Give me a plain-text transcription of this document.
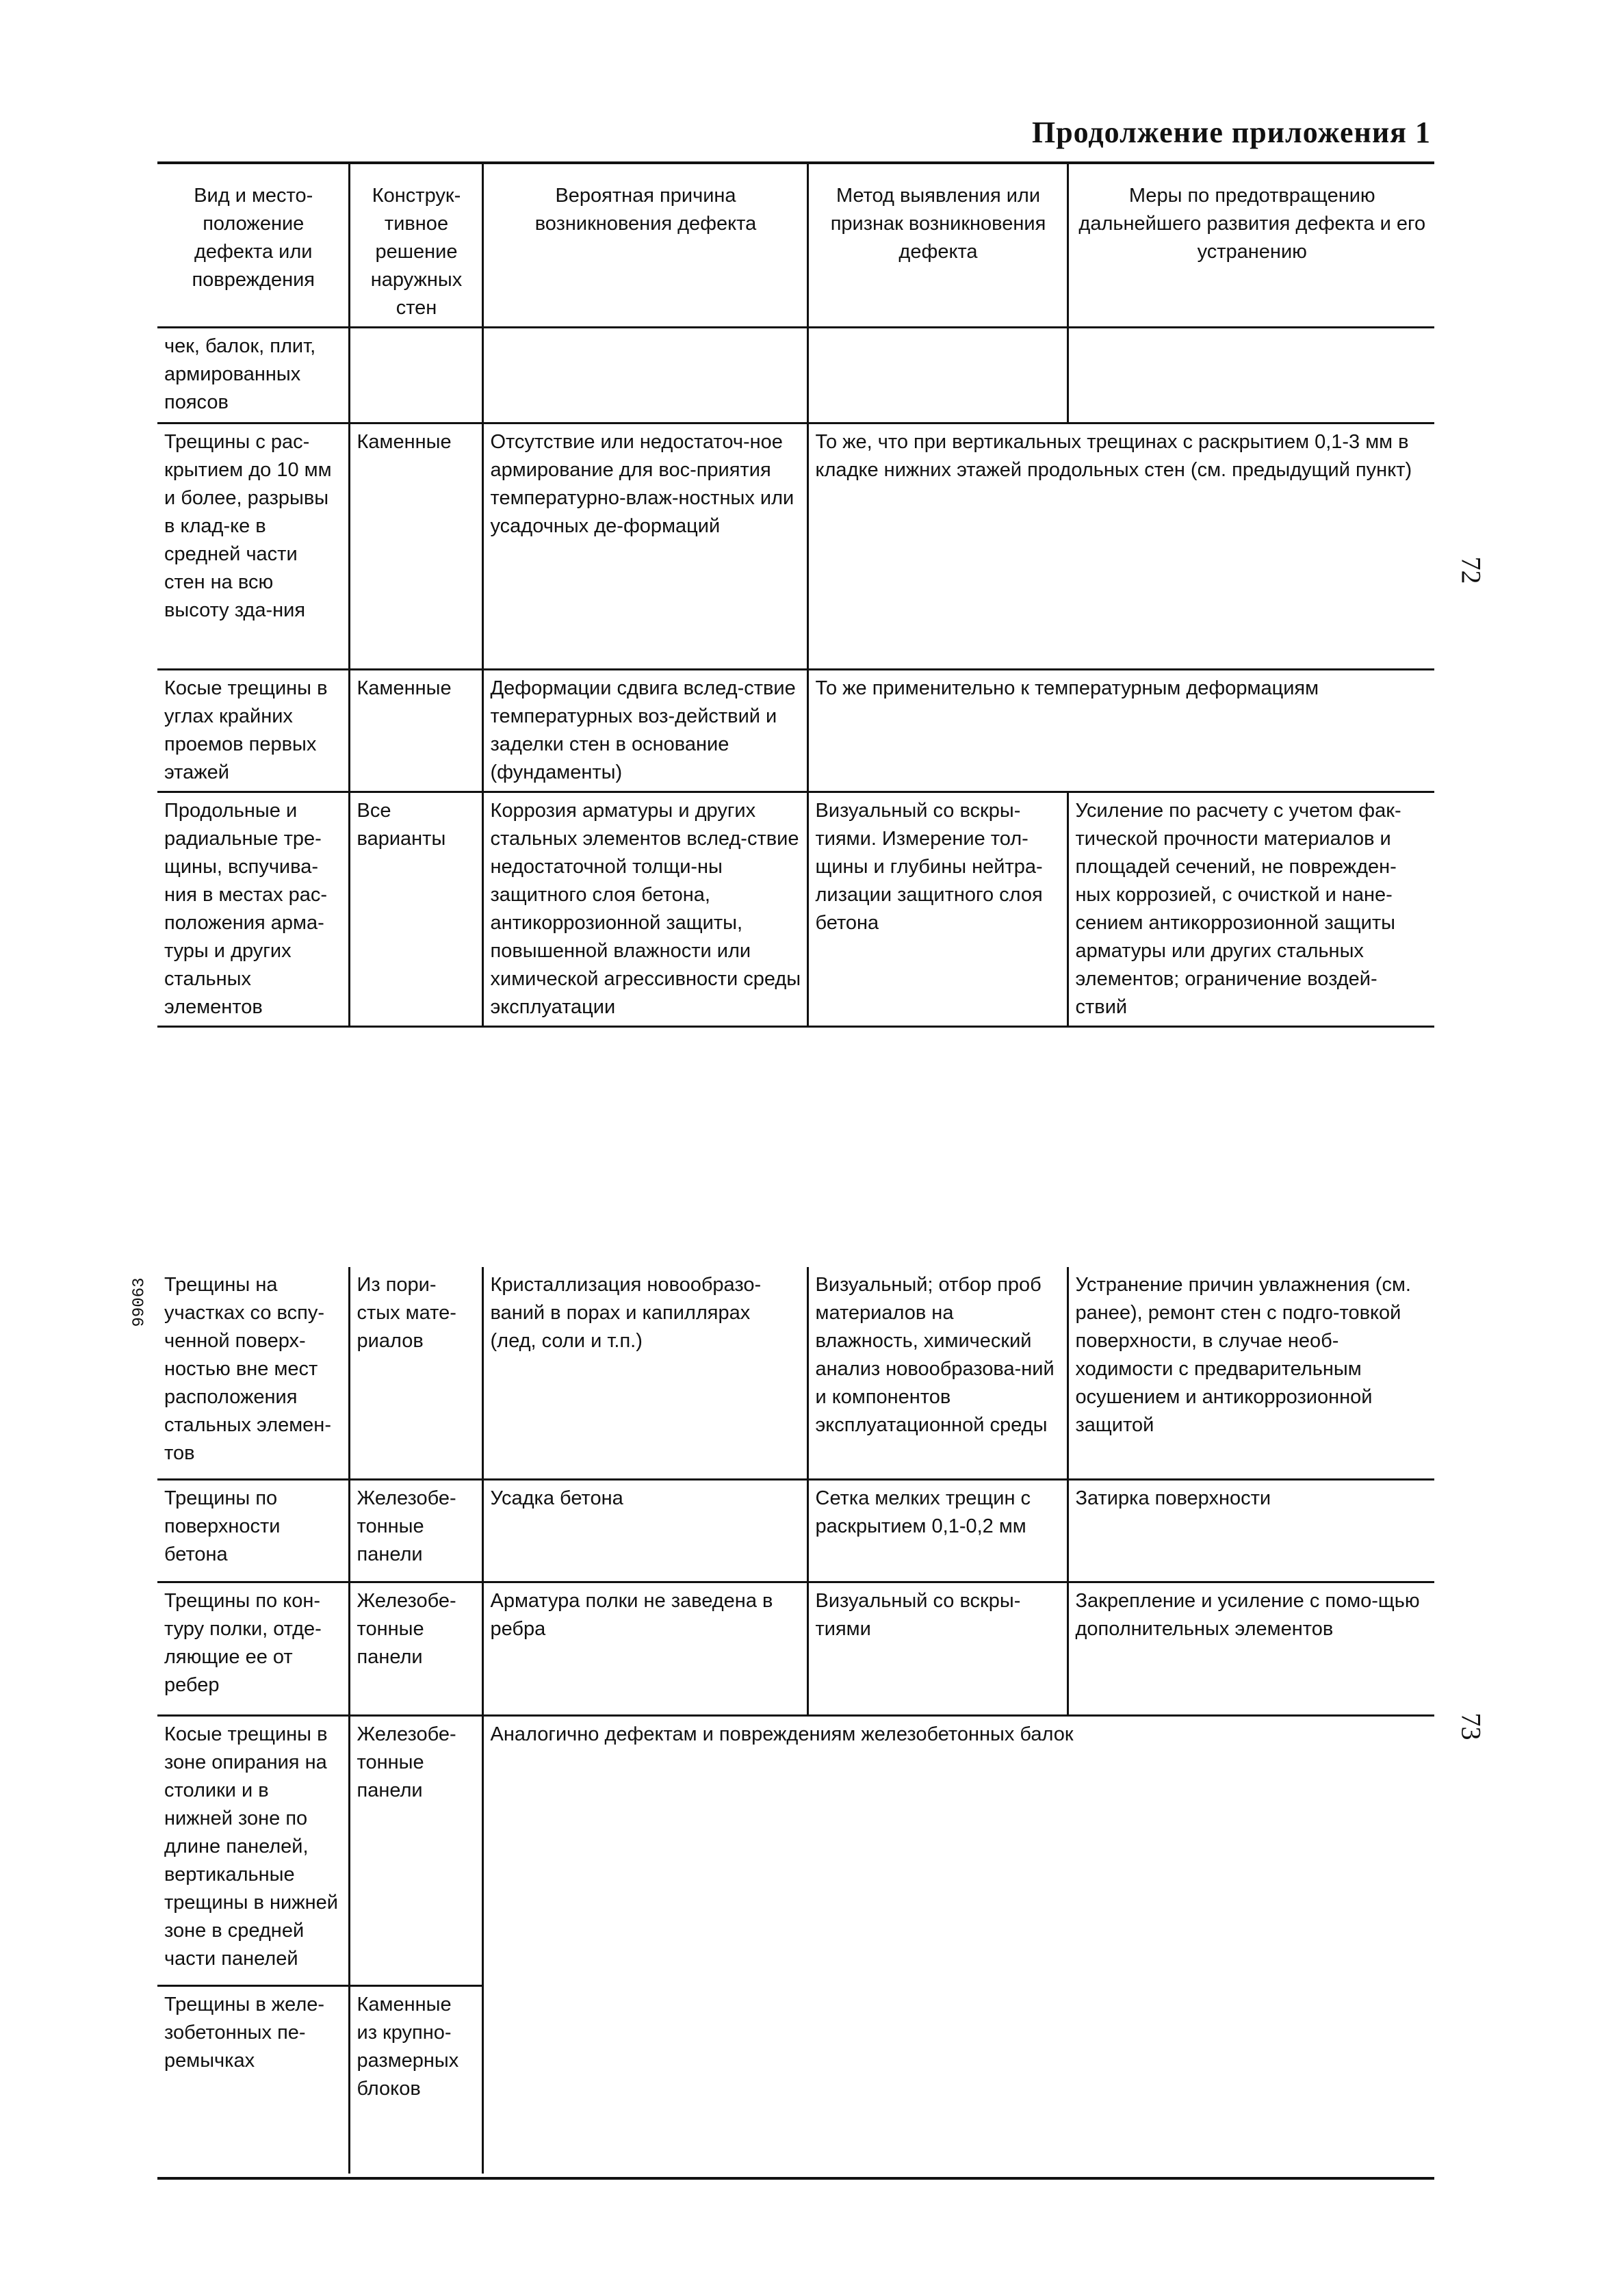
Продолжение приложения 1
Вид и место-положение дефекта или повреждения	Конструк-тивное решение наружных стен	Вероятная причина возникновения дефекта	Метод выявления или признак возникновения дефекта	Меры по предотвращению дальнейшего развития дефекта и его устранению
чек, балок, плит, армированных поясов				
Трещины с рас-крытием до 10 мм и более, разрывы в клад-ке в средней части стен на всю высоту зда-ния	Каменные	Отсутствие или недостаточ-ное армирование для вос-приятия температурно-влаж-ностных или усадочных де-формаций	То же, что при вертикальных трещинах с раскрытием 0,1-3 мм в кладке нижних этажей продольных стен (см. предыдущий пункт)	
Косые трещины в углах крайних проемов первых этажей	Каменные	Деформации сдвига вслед-ствие температурных воз-действий и заделки стен в основание (фундаменты)	То же применительно к температурным деформациям	
Продольные и радиальные тре-щины, вспучива-ния в местах рас-положения арма-туры и других стальных элементов	Все варианты	Коррозия арматуры и других стальных элементов вслед-ствие недостаточной толщи-ны защитного слоя бетона, антикоррозионной защиты, повышенной влажности или химической агрессивности среды эксплуатации	Визуальный со вскры-тиями. Измерение тол-щины и глубины нейтра-лизации защитного слоя бетона	Усиление по расчету с учетом фак-тической прочности материалов и площадей сечений, не поврежден-ных коррозией, с очисткой и нане-сением антикоррозионной защиты арматуры или других стальных элементов; ограничение воздей-ствий
Трещины на участках со вспу-ченной поверх-ностью вне мест расположения стальных элемен-тов	Из пори-стых мате-риалов	Кристаллизация новообразо-ваний в порах и капиллярах (лед, соли и т.п.)	Визуальный; отбор проб материалов на влажность, химический анализ новообразова-ний и компонентов эксплуатационной среды	Устранение причин увлажнения (см. ранее), ремонт стен с подго-товкой поверхности, в случае необ-ходимости с предварительным осушением и антикоррозионной защитой
Трещины по поверхности бетона	Железобе-тонные панели	Усадка бетона	Сетка мелких трещин с раскрытием 0,1-0,2 мм	Затирка поверхности
Трещины по кон-туру полки, отде-ляющие ее от ребер	Железобе-тонные панели	Арматура полки не заведена в ребра	Визуальный со вскры-тиями	Закрепление и усиление с помо-щью дополнительных элементов
Косые трещины в зоне опирания на столики и в нижней зоне по длине панелей, вертикальные трещины в нижней зоне в средней части панелей	Железобе-тонные панели	Аналогично дефектам и повреждениям железобетонных балок		
Трещины в желе-зобетонных пе-ремычках	Каменные из крупно-размерных блоков			
72
73
99063
